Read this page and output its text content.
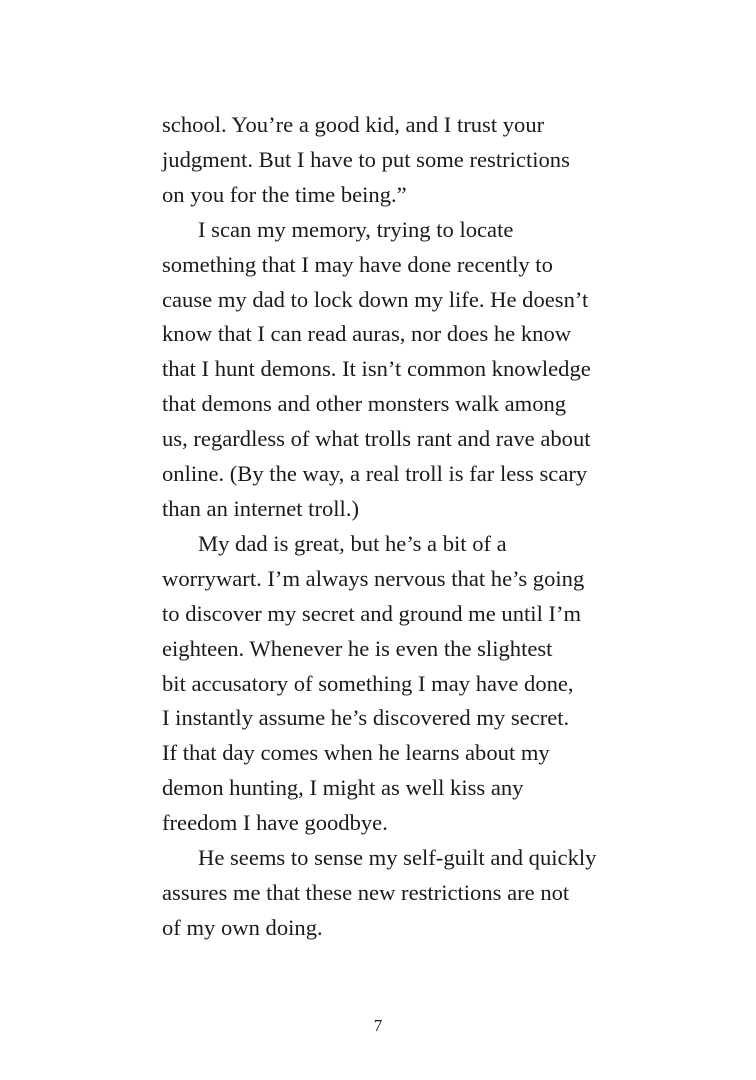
school. You’re a good kid, and I trust your
judgment. But I have to put some restrictions
on you for the time being.”
I scan my memory, trying to locate
something that I may have done recently to
cause my dad to lock down my life. He doesn’t
know that I can read auras, nor does he know
that I hunt demons. It isn’t common knowledge
that demons and other monsters walk among
us, regardless of what trolls rant and rave about
online. (By the way, a real troll is far less scary
than an internet troll.)
My dad is great, but he’s a bit of a
worrywart. I’m always nervous that he’s going
to discover my secret and ground me until I’m
eighteen. Whenever he is even the slightest
bit accusatory of something I may have done,
I instantly assume he’s discovered my secret.
If that day comes when he learns about my
demon hunting, I might as well kiss any
freedom I have goodbye.
He seems to sense my self-guilt and quickly
assures me that these new restrictions are not
of my own doing.
7
